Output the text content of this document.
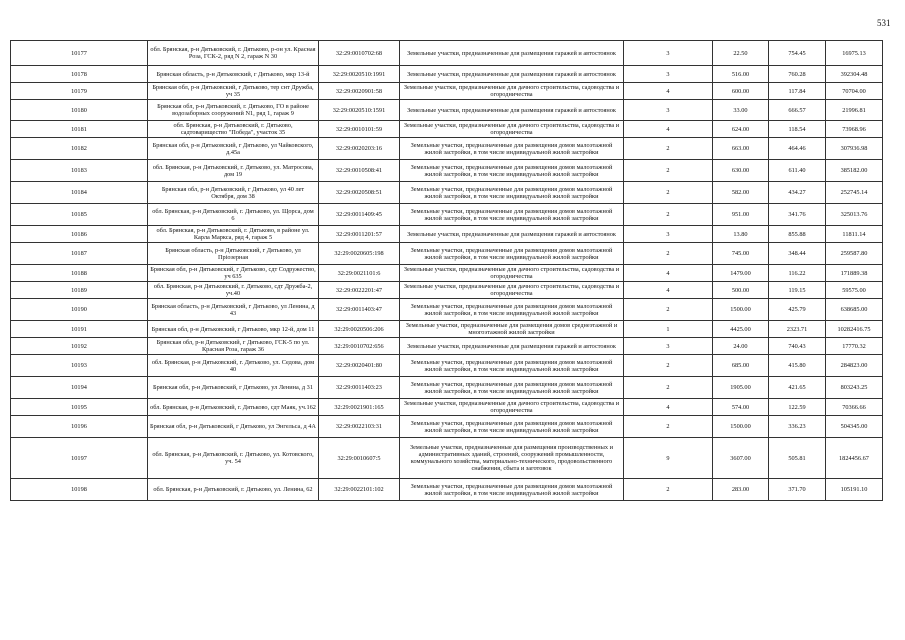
531
10177	обл. Брянская, р-н Дятьковский, г. Дятьково, р-он ул. Красная Роза, ГСК-2, ряд N 2, гараж N 30	32:29:0010702:68	Земельные участки, предназначенные для размещения гаражей и автостоянок	3	22.50	754.45	16975.13
10178	Брянская область, р-н Дятьковский, г Дятьково, мкр 13-й	32:29:0020510:1991	Земельные участки, предназначенные для размещения гаражей и автостоянок	3	516.00	760.28	392304.48
10179	Брянская обл, р-н Дятьковский, г Дятьково, тер снт Дружба, уч 35	32:29:0020901:58	Земельные участки, предназначенные для дачного строительства, садоводства и огородничества	4	600.00	117.84	70704.00
10180	Брянская обл, р-н Дятьковский, г. Дятьково, ГО в районе водозаборных сооружений N1, ряд 1, гараж 9	32:29:0020510:1591	Земельные участки, предназначенные для размещения гаражей и автостоянок	3	33.00	666.57	21996.81
10181	обл. Брянская, р-н Дятьковский, г. Дятьково, садтоварищество "Победа", участок 35	32:29:0010101:59	Земельные участки, предназначенные для дачного строительства, садоводства и огородничества	4	624.00	118.54	73968.96
10182	Брянская обл, р-н Дятьковский, г Дятьково, ул Чайковского, д.45а	32:29:0020203:16	Земельные участки, предназначенные для размещения домов малоэтажной жилой застройки, в том числе индивидуальной жилой застройки	2	663.00	464.46	307936.98
10183	обл. Брянская, р-н Дятьковский, г. Дятьково, ул. Матросова, дом 19	32:29:0010508:41	Земельные участки, предназначенные для размещения домов малоэтажной жилой застройки, в том числе индивидуальной жилой застройки	2	630.00	611.40	385182.00
10184	Брянская обл, р-н Дятьковский, г Дятьково, ул 40 лет Октября, дом 38	32:29:0020508:51	Земельные участки, предназначенные для размещения домов малоэтажной жилой застройки, в том числе индивидуальной жилой застройки	2	582.00	434.27	252745.14
10185	обл. Брянская, р-н Дятьковский, г. Дятьково, ул. Щорса, дом 6	32:29:0011409:45	Земельные участки, предназначенные для размещения домов малоэтажной жилой застройки, в том числе индивидуальной жилой застройки	2	951.00	341.76	325013.76
10186	обл. Брянская, р-н Дятьковский, г. Дятьково, в районе ул. Карла Маркса, ряд 4, гараж 5	32:29:0011201:57	Земельные участки, предназначенные для размещения гаражей и автостоянок	3	13.80	855.88	11811.14
10187	Брянская область, р-н Дятьковский, г Дятьково, ул Пріозерная	32:29:0020605:198	Земельные участки, предназначенные для размещения домов малоэтажной жилой застройки, в том числе индивидуальной жилой застройки	2	745.00	348.44	259587.80
10188	Брянская обл, р-н Дятьковский, г Дятьково, сдт Содружество, уч 635	32:29:0021101:6	Земельные участки, предназначенные для дачного строительства, садоводства и огородничества	4	1479.00	116.22	171889.38
10189	обл. Брянская, р-н Дятьковский, г. Дятьково, сдт Дружба-2, уч.40	32:29:0022201:47	Земельные участки, предназначенные для дачного строительства, садоводства и огородничества	4	500.00	119.15	59575.00
10190	Брянская область, р-н Дятьковский, г Дятьково, ул Ленина, д 43	32:29:0011403:47	Земельные участки, предназначенные для размещения домов малоэтажной жилой застройки, в том числе индивидуальной жилой застройки	2	1500.00	425.79	638685.00
10191	Брянская обл, р-н Дятьковский, г Дятьково, мкр 12-й, дом 11	32:29:0020506:206	Земельные участки, предназначенные для размещения домов среднеэтажной и многоэтажной жилой застройки	1	4425.00	2323.71	10282416.75
10192	Брянская обл, р-н Дятьковский, г Дятьково, ГСК-5 по ул. Красная Роза, гараж 36	32:29:0010702:656	Земельные участки, предназначенные для размещения гаражей и автостоянок	3	24.00	740.43	17770.32
10193	обл. Брянская, р-н Дятьковский, г. Дятьково, ул. Седова, дом 40	32:29:0020401:80	Земельные участки, предназначенные для размещения домов малоэтажной жилой застройки, в том числе индивидуальной жилой застройки	2	685.00	415.80	284823.00
10194	Брянская обл, р-н Дятьковский, г Дятьково, ул Ленина, д 31	32:29:0011403:23	Земельные участки, предназначенные для размещения домов малоэтажной жилой застройки, в том числе индивидуальной жилой застройки	2	1905.00	421.65	803243.25
10195	обл. Брянская, р-н Дятьковский, г. Дятьково, сдт Маяк, уч.162	32:29:0021901:165	Земельные участки, предназначенные для дачного строительства, садоводства и огородничества	4	574.00	122.59	70366.66
10196	Брянская обл, р-н Дятьковский, г Дятьково, ул Энгельса, д 4А	32:29:0022103:31	Земельные участки, предназначенные для размещения домов малоэтажной жилой застройки, в том числе индивидуальной жилой застройки	2	1500.00	336.23	504345.00
10197	обл. Брянская, р-н Дятьковский, г. Дятьково, ул. Котовского, уч. 54	32:29:0010607:5	Земельные участки, предназначенные для размещения производственных и административных зданий, строений, сооружений промышленности, коммунального хозяйства, материально-технического, продовольственного снабжения, сбыта и заготовок	9	3607.00	505.81	1824456.67
10198	обл. Брянская, р-н Дятьковский, г. Дятьково, ул. Ленина, 62	32:29:0022101:102	Земельные участки, предназначенные для размещения домов малоэтажной жилой застройки, в том числе индивидуальной жилой застройки	2	283.00	371.70	105191.10
